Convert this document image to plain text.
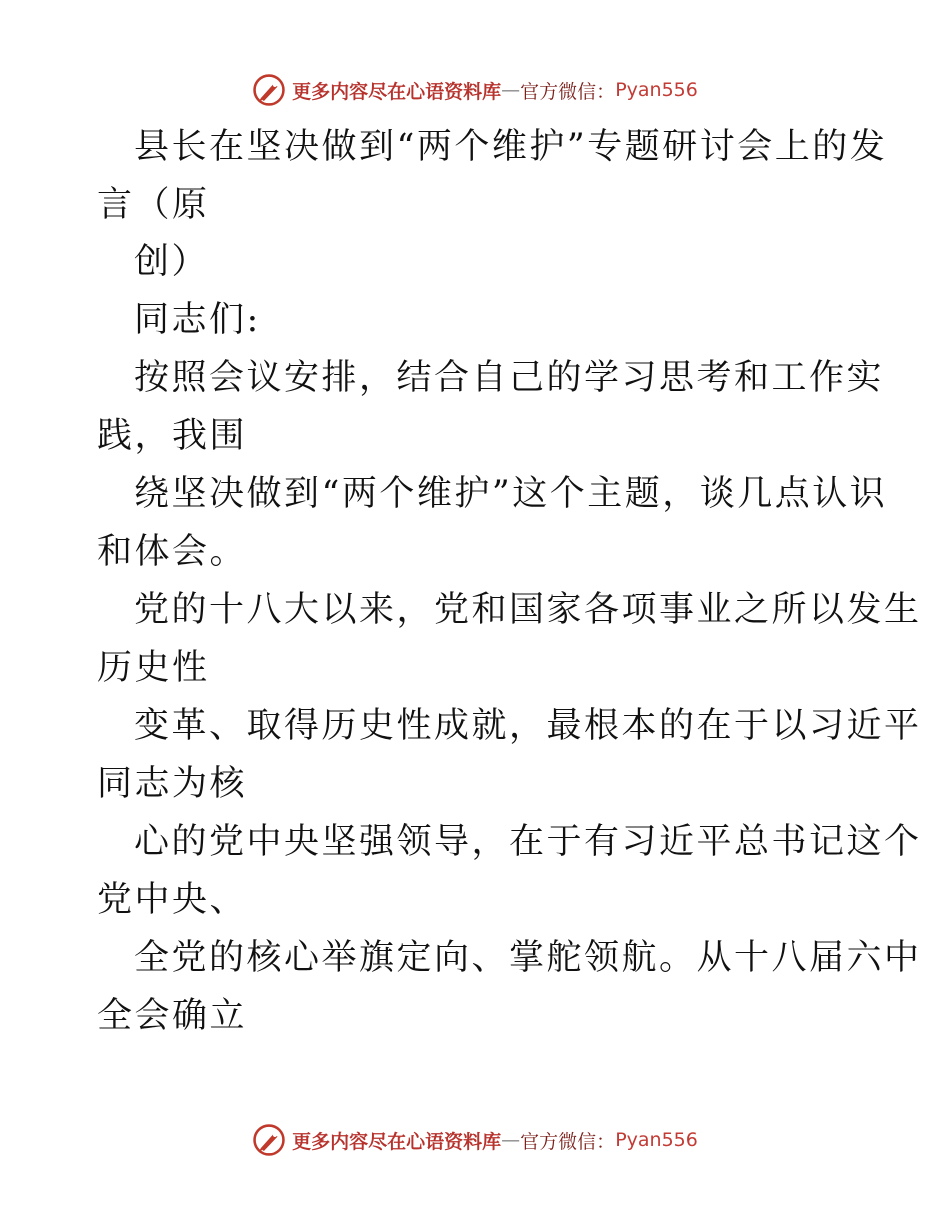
更多内容尽在心语资料库 — 官方微信： Pyan556
县长在坚决做到“两个维护”专题研讨会上的发
言（原
创）
同志们:
按照会议安排，结合自己的学习思考和工作实
践，我围
绕坚决做到“两个维护”这个主题，谈几点认识
和体会。
党的十八大以来，党和国家各项事业之所以发生
历史性
变革、取得历史性成就，最根本的在于以习近平
同志为核
心的党中央坚强领导，在于有习近平总书记这个
党中央、
全党的核心举旗定向、掌舵领航。从十八届六中
全会确立
更多内容尽在心语资料库 — 官方微信： Pyan556
